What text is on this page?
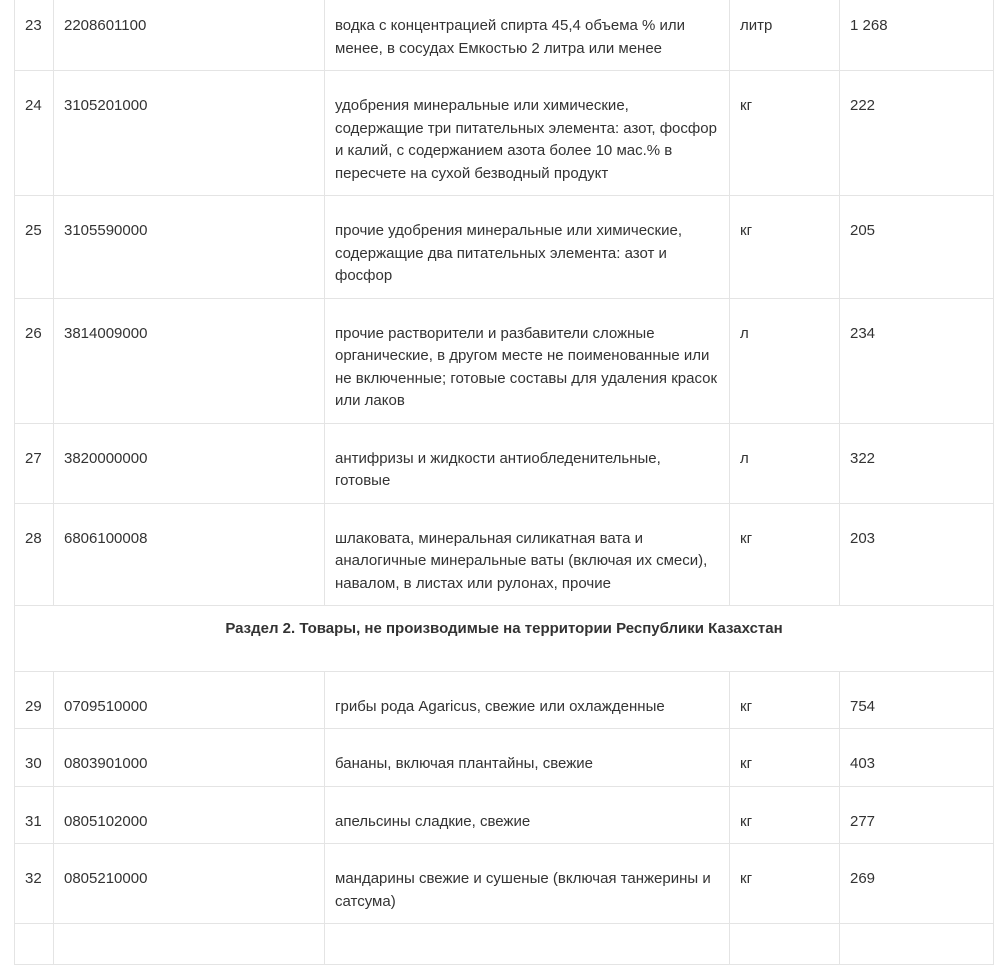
23	2208601100	водка с концентрацией спирта 45,4 объема % или менее, в сосудах Емкостью 2 литра или менее	литр	1 268
24	3105201000	удобрения минеральные или химические, содержащие три питательных элемента: азот, фосфор и калий, с содержанием азота более 10 мас.% в пересчете на сухой безводный продукт	кг	222
25	3105590000	прочие удобрения минеральные или химические, содержащие два питательных элемента: азот и фосфор	кг	205
26	3814009000	прочие растворители и разбавители сложные органические, в другом месте не поименованные или не включенные; готовые составы для удаления красок или лаков	л	234
27	3820000000	антифризы и жидкости антиобледенительные, готовые	л	322
28	6806100008	шлаковата, минеральная силикатная вата и аналогичные минеральные ваты (включая их смеси), навалом, в листах или рулонах, прочие	кг	203
Раздел 2. Товары, не производимые на территории Республики Казахстан				
29	0709510000	грибы рода Agaricus, свежие или охлажденные	кг	754
30	0803901000	бананы, включая плантайны, свежие	кг	403
31	0805102000	апельсины сладкие, свежие	кг	277
32	0805210000	мандарины свежие и сушеные (включая танжерины и сатсума)	кг	269
